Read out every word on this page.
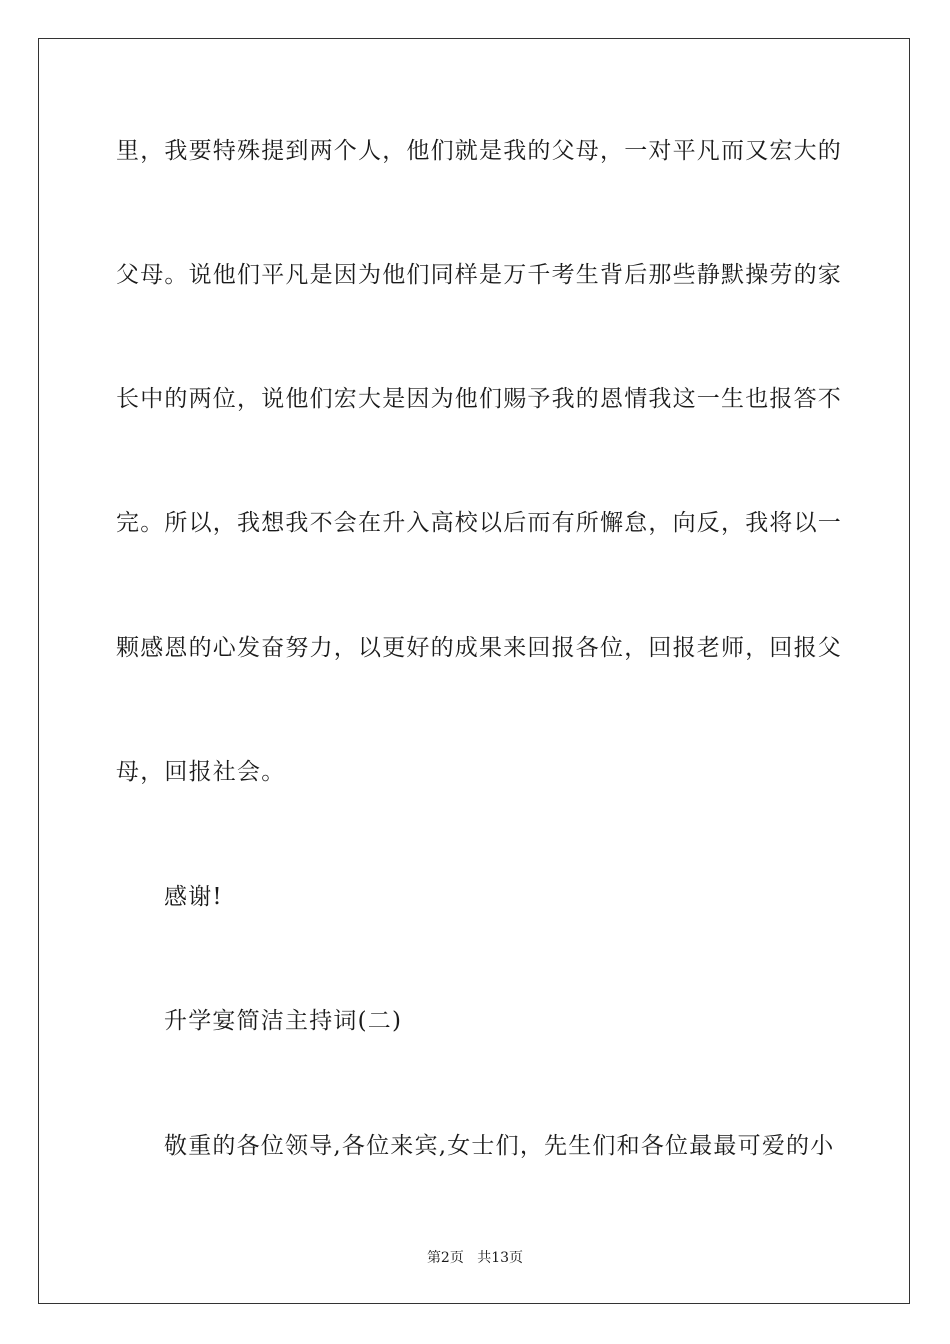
里，我要特殊提到两个人，他们就是我的父母，一对平凡而又宏大的
父母。说他们平凡是因为他们同样是万千考生背后那些静默操劳的家
长中的两位，说他们宏大是因为他们赐予我的恩情我这一生也报答不
完。所以，我想我不会在升入高校以后而有所懈怠，向反，我将以一
颗感恩的心发奋努力，以更好的成果来回报各位，回报老师，回报父
母，回报社会。
感谢!
升学宴简洁主持词(二)
敬重的各位领导,各位来宾,女士们，先生们和各位最最可爱的小
第2页 共13页
